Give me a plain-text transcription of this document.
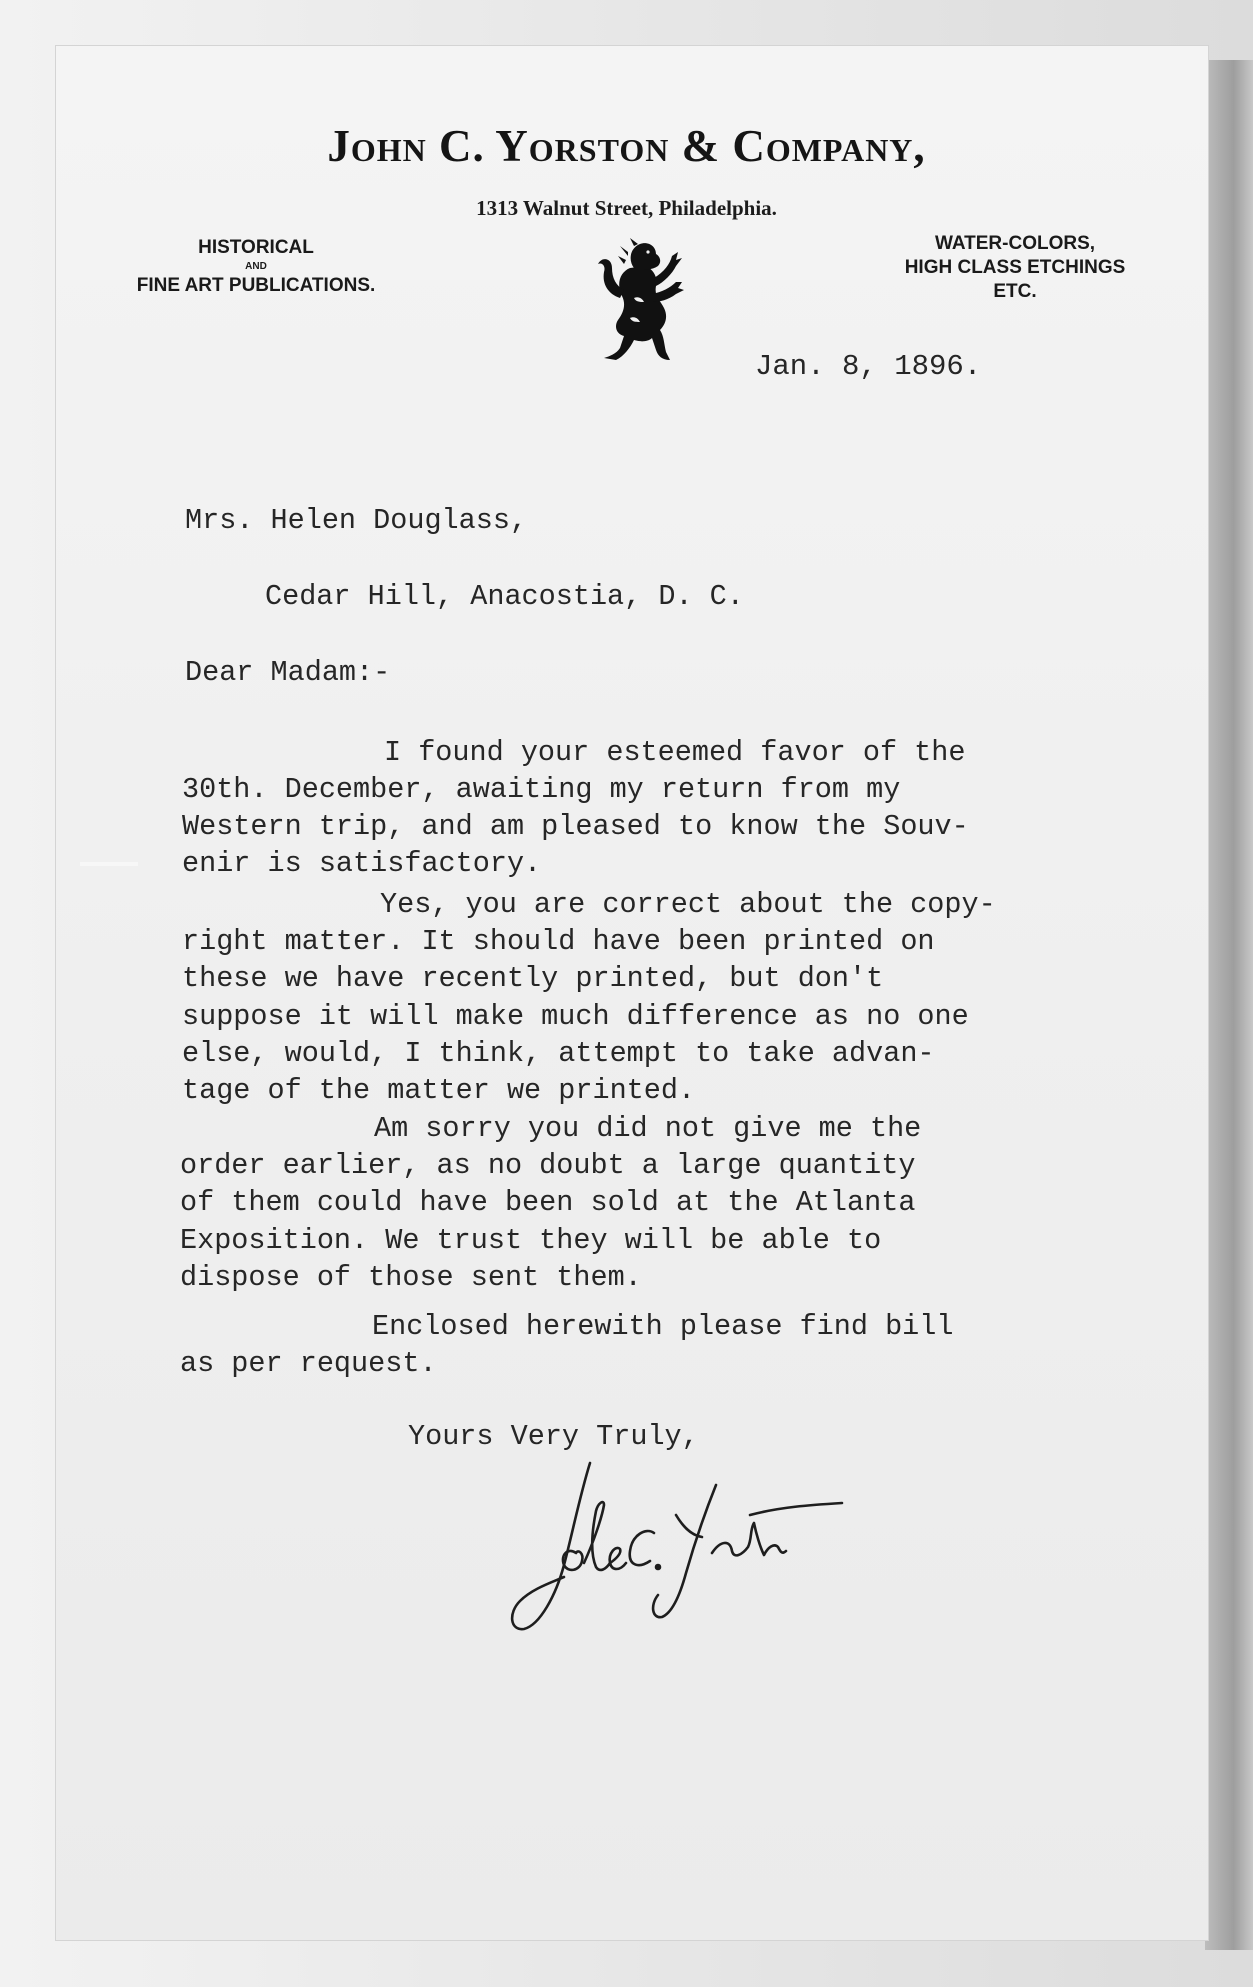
John C. Yorston & Company,
1313 Walnut Street, Philadelphia.
HISTORICAL
AND
FINE ART PUBLICATIONS.
WATER-COLORS,
HIGH CLASS ETCHINGS
ETC.
Jan. 8, 1896.
Mrs. Helen Douglass,
Cedar Hill, Anacostia, D. C.
Dear Madam:-
I found your esteemed favor of the
30th. December, awaiting my return from my
Western trip, and am pleased to know the Souv-
enir is satisfactory.
Yes, you are correct about the copy-
right matter. It should have been printed on
these we have recently printed, but don't
suppose it will make much difference as no one
else, would, I think, attempt to take advan-
tage of the matter we printed.
Am sorry you did not give me the
order earlier, as no doubt a large quantity
of them could have been sold at the Atlanta
Exposition. We trust they will be able to
dispose of those sent them.
Enclosed herewith please find bill
as per request.
Yours Very Truly,
